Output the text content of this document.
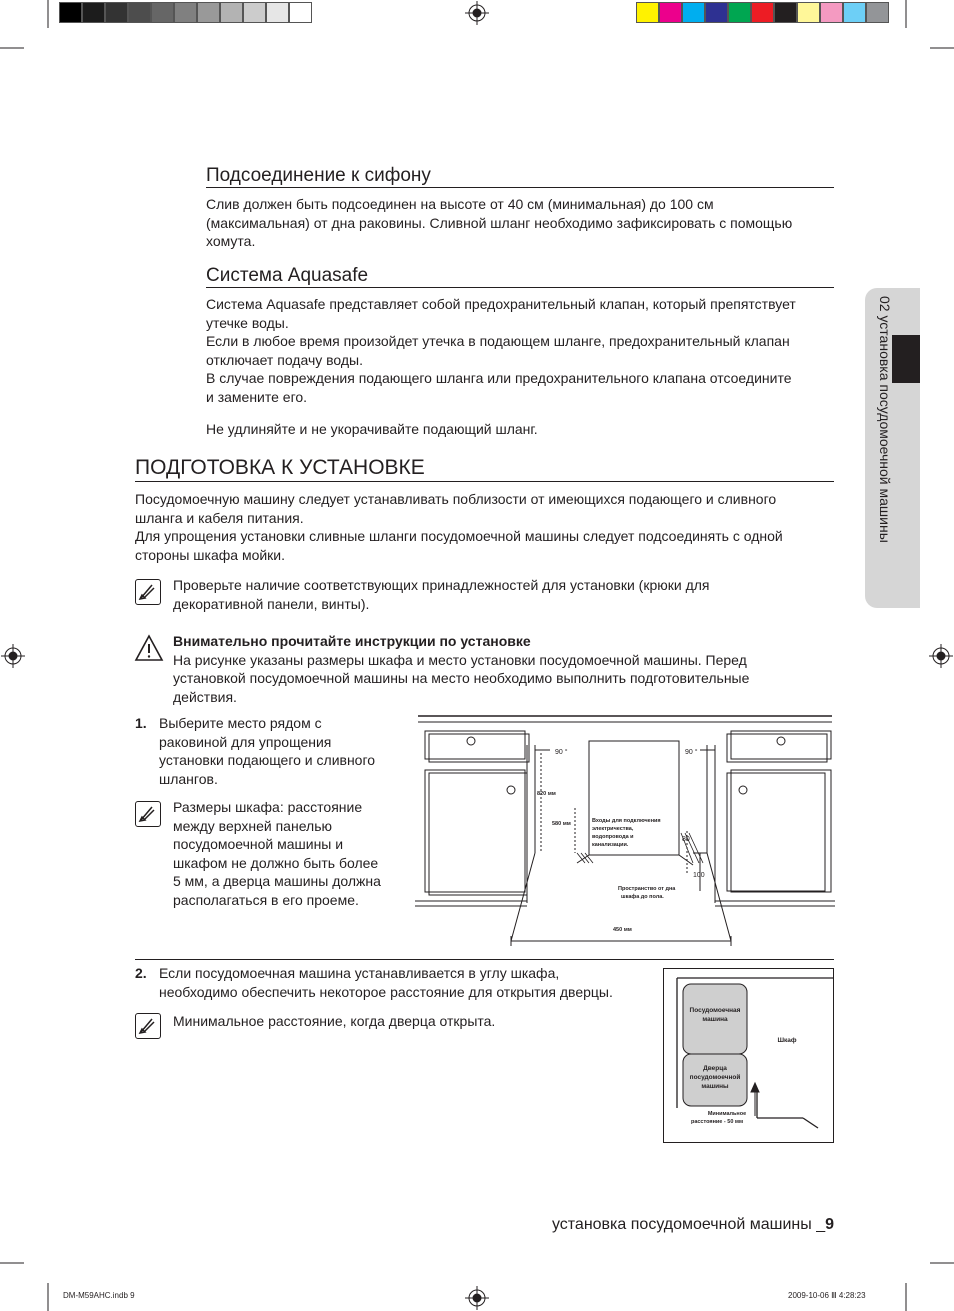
02 установка посудомоечной машины
Подсоединение к сифону
Слив должен быть подсоединен на высоте от 40 см (минимальная) до 100 см
(максимальная) от дна раковины. Сливной шланг необходимо зафиксировать с помощью
хомута.
Система Aquasafe
Система Aquasafe представляет собой предохранительный клапан, который препятствует
утечке воды.
Если в любое время произойдет утечка в подающем шланге, предохранительный клапан
отключает подачу воды.
В случае повреждения подающего шланга или предохранительного клапана отсоедините
и замените его.
Не удлиняйте и не укорачивайте подающий шланг.
ПОДГОТОВКА К УСТАНОВКЕ
Посудомоечную машину следует устанавливать поблизости от имеющихся подающего и сливного
шланга и кабеля питания.
Для упрощения установки сливные шланги посудомоечной машины следует подсоединять с одной
стороны шкафа мойки.
Проверьте наличие соответствующих принадлежностей для установки (крюки для
декоративной панели, винты).
Внимательно прочитайте инструкции по установке
На рисунке указаны размеры шкафа и место установки посудомоечной машины. Перед
установкой посудомоечной машины на место необходимо выполнить подготовительные
действия.
1. Выберите место рядом с
раковиной для упрощения
установки подающего и сливного
шлангов.
Размеры шкафа: расстояние
между верхней панелью
посудомоечной машины и
шкафом не должно быть более
5 мм, а дверца машины должна
располагаться в его проеме.
90 °	90 °
820 мм
580 мм	Входы для подключения
электричества,
водопровода и
канализации.
80
100
Пространство от дна
шкафа до пола.
450 мм
2. Если посудомоечная машина устанавливается в углу шкафа,
необходимо обеспечить некоторое расстояние для открытия дверцы.
Минимальное расстояние, когда дверца открыта.
Посудомоечная
машина
Дверца
посудомоечной
машины
Шкаф
Минимальное
расстояние - 50 мм
установка посудомоечной машины _9
DM-M59AHC.indb 9	2009-10-06 Ⅲ 4:28:23
